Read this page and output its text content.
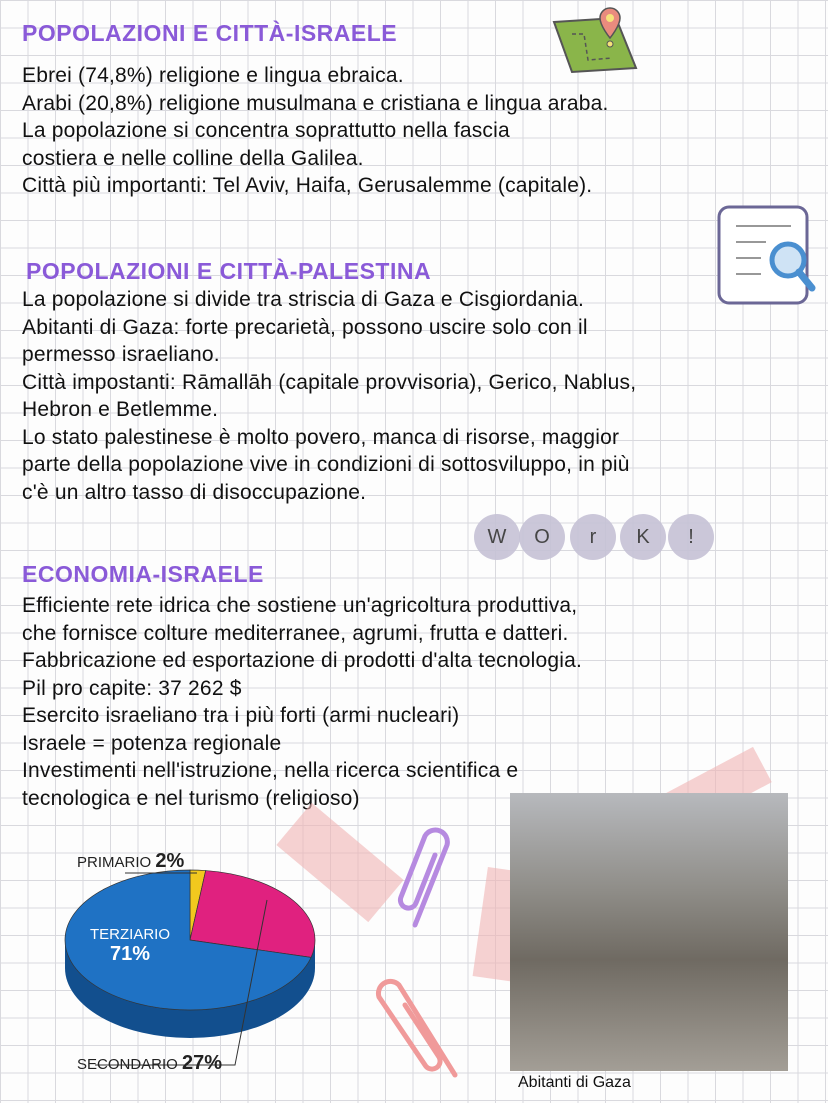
POPOLAZIONI E CITTÀ-ISRAELE
Ebrei (74,8%) religione e lingua ebraica.
Arabi (20,8%) religione musulmana e cristiana e lingua araba.
La popolazione si concentra soprattutto nella fascia
costiera e nelle colline della Galilea.
Città più importanti: Tel Aviv, Haifa, Gerusalemme (capitale).
POPOLAZIONI E CITTÀ-PALESTINA
La popolazione si divide tra striscia di Gaza e Cisgiordania.
Abitanti di Gaza: forte precarietà, possono uscire solo con il
permesso israeliano.
Città impostanti: Rāmallāh (capitale provvisoria), Gerico, Nablus,
Hebron e Betlemme.
Lo stato palestinese è molto povero, manca di risorse, maggior
parte della popolazione vive in condizioni di sottosviluppo, in più
c'è un altro tasso di disoccupazione.
W	O	r	K	!
ECONOMIA-ISRAELE
Efficiente rete idrica che sostiene un'agricoltura produttiva,
che fornisce colture mediterranee, agrumi, frutta e datteri.
Fabbricazione ed esportazione di prodotti d'alta tecnologia.
Pil pro capite: 37 262 $
Esercito israeliano tra i più forti (armi nucleari)
Israele = potenza regionale
Investimenti nell'istruzione, nella ricerca scientifica e
tecnologica e nel turismo (religioso)
Abitanti di Gaza
PRIMARIO 2%
TERZIARIO
71%
SECONDARIO 27%
